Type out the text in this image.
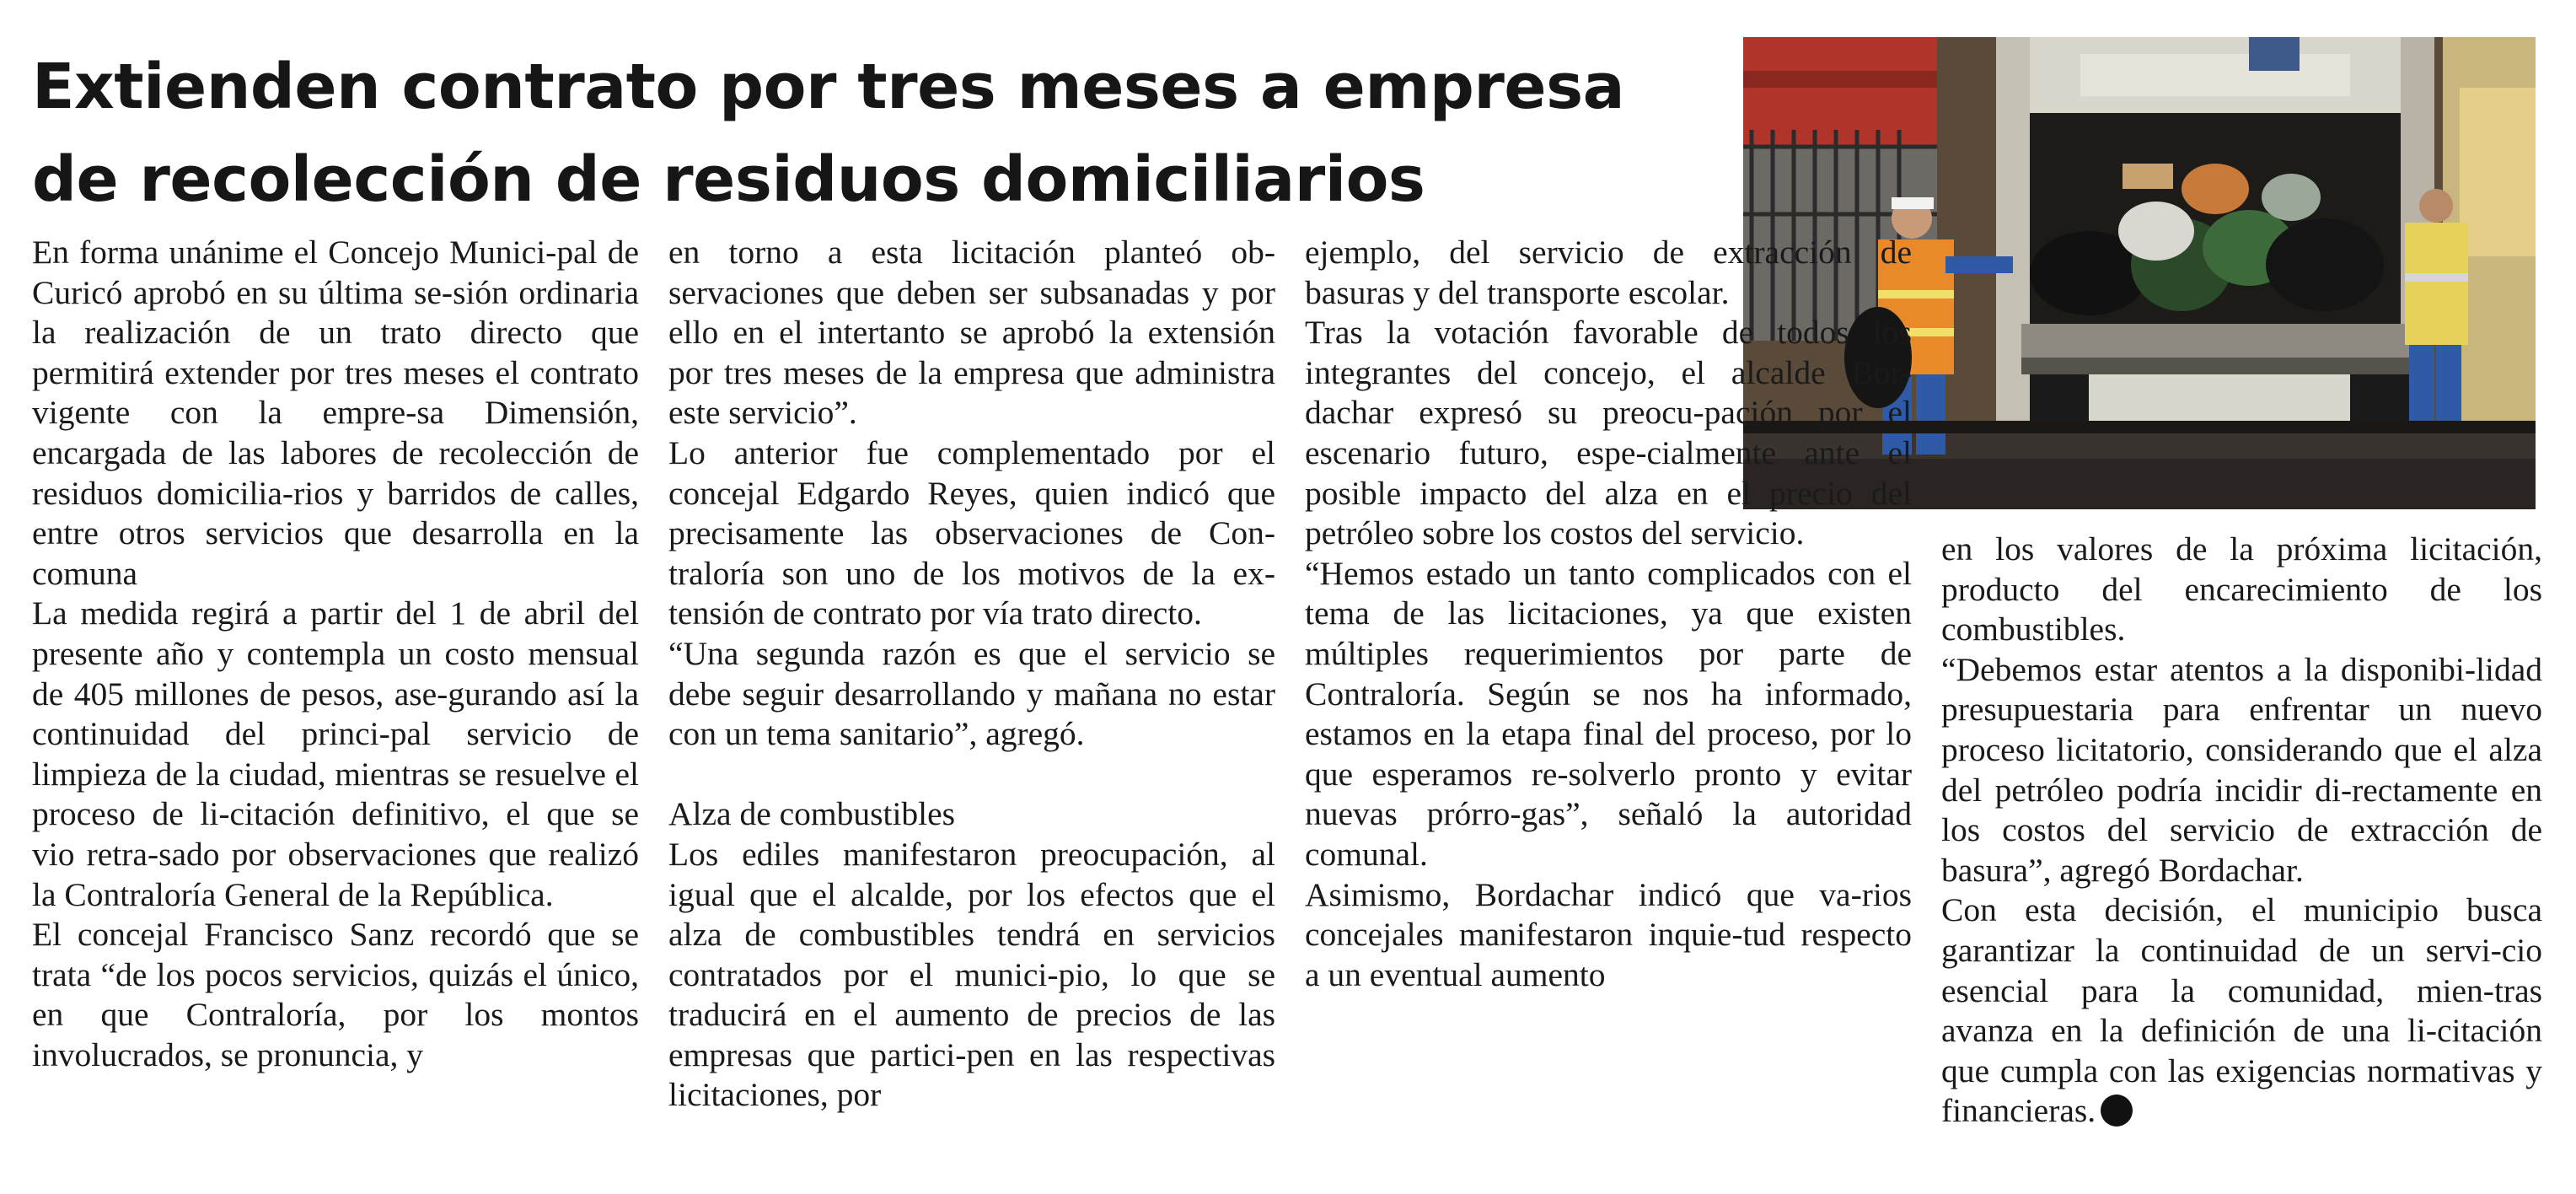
Extienden contrato por tres meses a empresa de recolección de residuos domiciliarios

En forma unánime el Concejo Munici-pal de Curicó aprobó en su última se-sión ordinaria la realización de un trato directo que permitirá extender por tres meses el contrato vigente con la empre-sa Dimensión, encargada de las labores de recolección de residuos domicilia-rios y barridos de calles, entre otros servicios que desarrolla en la comuna

La medida regirá a partir del 1 de abril del presente año y contempla un costo mensual de 405 millones de pesos, ase-gurando así la continuidad del princi-pal servicio de limpieza de la ciudad, mientras se resuelve el proceso de li-citación definitivo, el que se vio retra-sado por observaciones que realizó la Contraloría General de la República.

El concejal Francisco Sanz recordó que se trata “de los pocos servicios, quizás el único, en que Contraloría, por los montos involucrados, se pronuncia, y

en torno a esta licitación planteó ob-servaciones que deben ser subsanadas y por ello en el intertanto se aprobó la extensión por tres meses de la empresa que administra este servicio”.

Lo anterior fue complementado por el concejal Edgardo Reyes, quien indicó que precisamente las observaciones de Con-traloría son uno de los motivos de la ex-tensión de contrato por vía trato directo.

“Una segunda razón es que el servicio se debe seguir desarrollando y mañana no estar con un tema sanitario”, agregó.

Alza de combustibles

Los ediles manifestaron preocupación, al igual que el alcalde, por los efectos que el alza de combustibles tendrá en servicios contratados por el munici-pio, lo que se traducirá en el aumento de precios de las empresas que partici-pen en las respectivas licitaciones, por

ejemplo, del servicio de extracción de basuras y del transporte escolar.

Tras la votación favorable de todos los integrantes del concejo, el alcalde Bor-dachar expresó su preocu-pación por el escenario futuro, espe-cialmente ante el posible impacto del alza en el precio del petróleo sobre los costos del servicio.

“Hemos estado un tanto complicados con el tema de las licitaciones, ya que existen múltiples requerimientos por parte de Contraloría. Según se nos ha informado, estamos en la etapa final del proceso, por lo que esperamos re-solverlo pronto y evitar nuevas prórro-gas”, señaló la autoridad comunal.

Asimismo, Bordachar indicó que va-rios concejales manifestaron inquie-tud respecto a un eventual aumento

en los valores de la próxima licitación, producto del encarecimiento de los combustibles.

“Debemos estar atentos a la disponibi-lidad presupuestaria para enfrentar un nuevo proceso licitatorio, considerando que el alza del petróleo podría incidir di-rectamente en los costos del servicio de extracción de basura”, agregó Bordachar.

Con esta decisión, el municipio busca garantizar la continuidad de un servi-cio esencial para la comunidad, mien-tras avanza en la definición de una li-citación que cumpla con las exigencias normativas y financieras.
